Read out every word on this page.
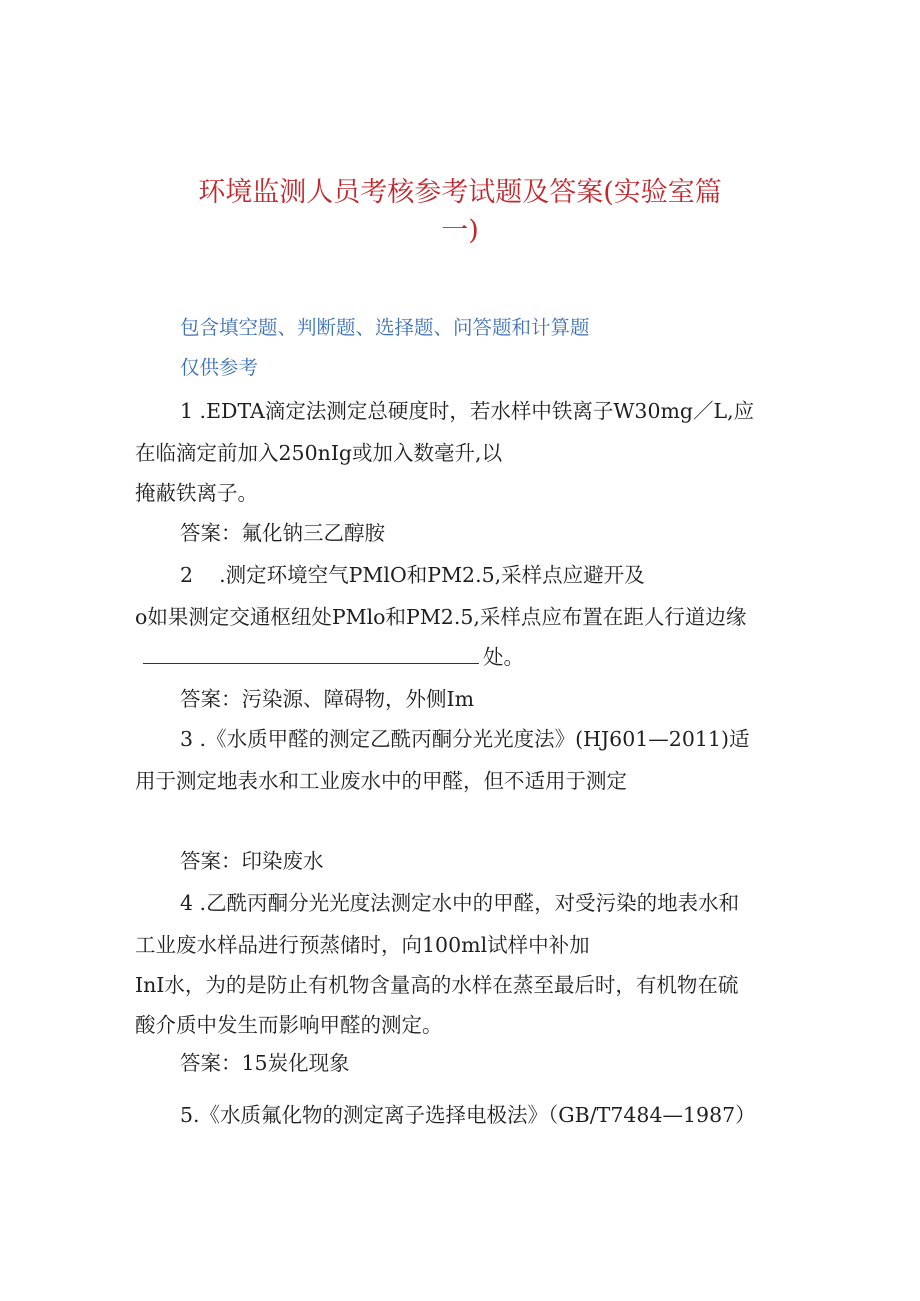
环境监测人员考核参考试题及答案(实验室篇
一)
包含填空题、判断题、选择题、问答题和计算题
仅供参考
1 .EDTA滴定法测定总硬度时，若水样中铁离子W30mg／L,应
在临滴定前加入250nIg或加入数毫升,以
掩蔽铁离子。
答案：氟化钠三乙醇胺
2    .测定环境空气PMlO和PM2.5,采样点应避开及
o如果测定交通枢纽处PMlo和PM2.5,采样点应布置在距人行道边缘
处。
答案：污染源、障碍物，外侧Im
3 .《水质甲醛的测定乙酰丙酮分光光度法》(HJ601—2011)适
用于测定地表水和工业废水中的甲醛，但不适用于测定
答案：印染废水
4 .乙酰丙酮分光光度法测定水中的甲醛，对受污染的地表水和
工业废水样品进行预蒸储时，向100ml试样中补加
InI水，为的是防止有机物含量高的水样在蒸至最后时，有机物在硫
酸介质中发生而影响甲醛的测定。
答案：15炭化现象
5.《水质氟化物的测定离子选择电极法》（GB/T7484—1987）
